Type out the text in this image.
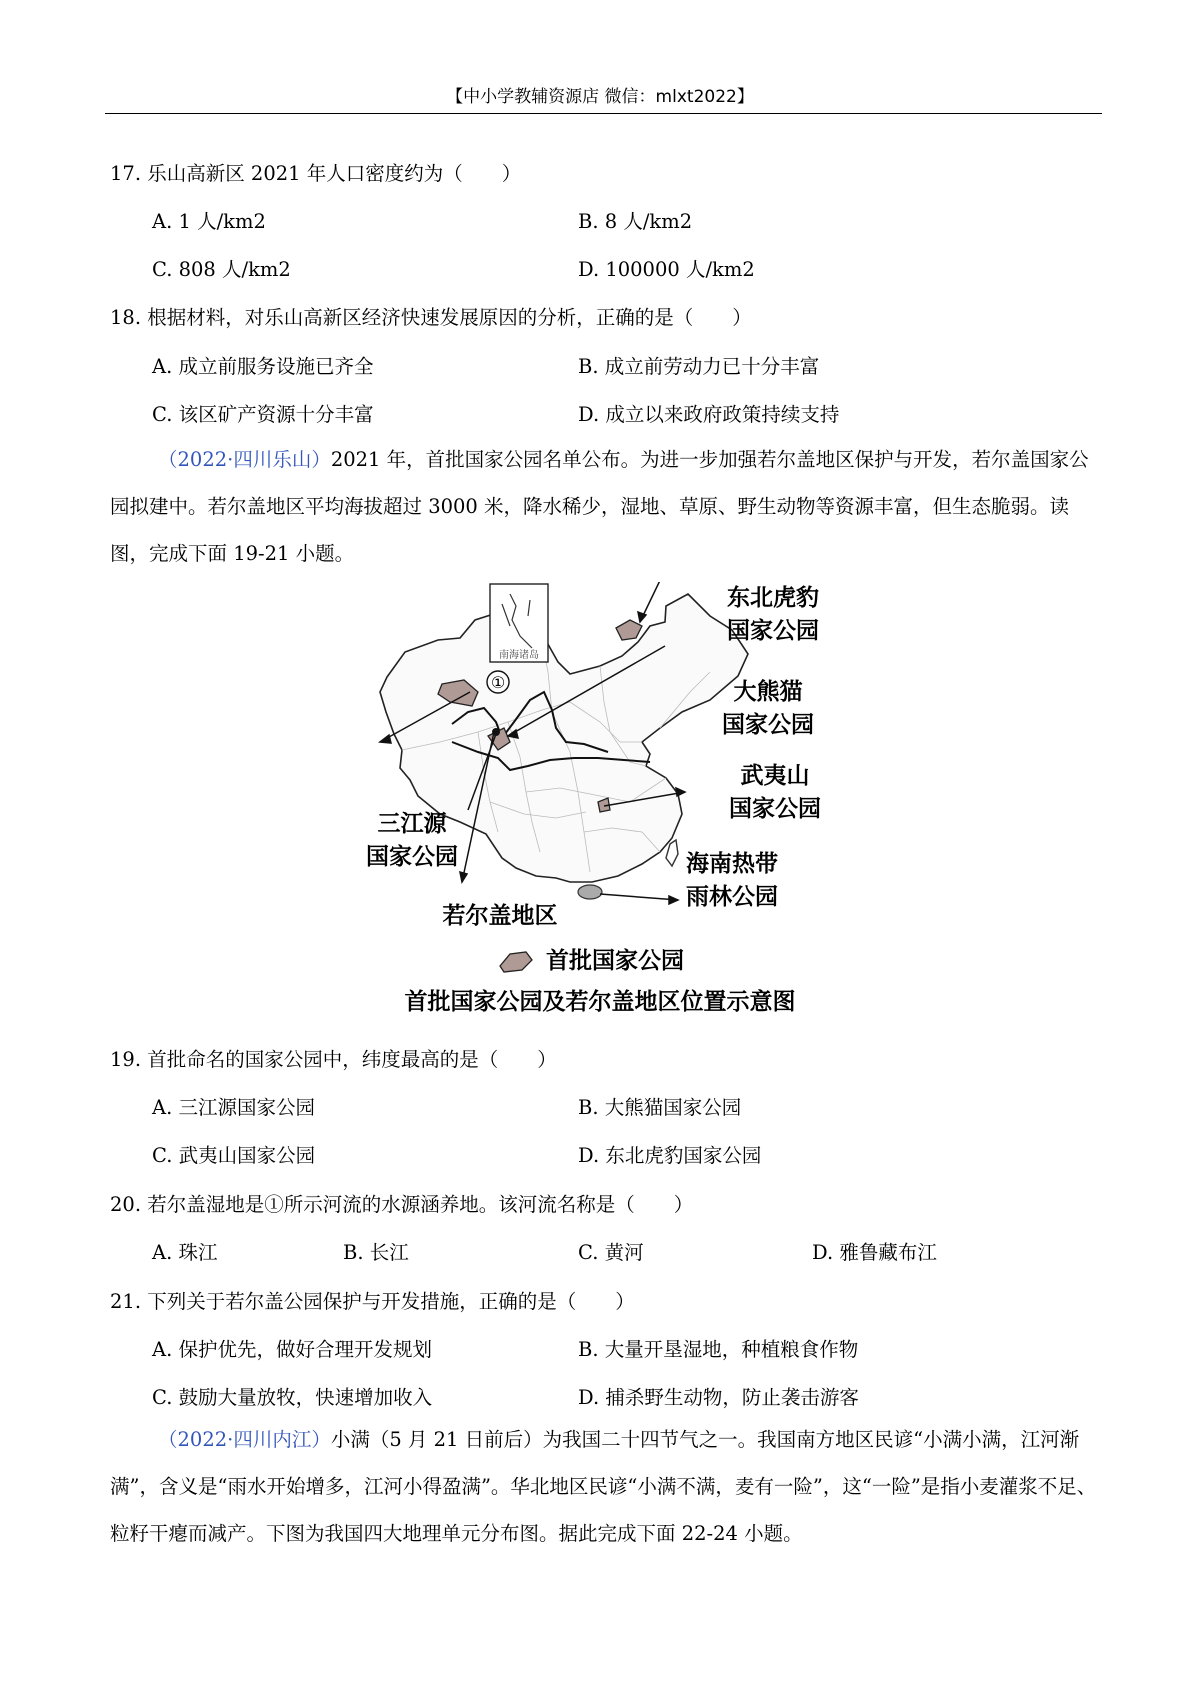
【中小学教辅资源店 微信：mlxt2022】
17. 乐山高新区 2021 年人口密度约为（　　）
A. 1 人/km2	B. 8 人/km2
C. 808 人/km2	D. 100000 人/km2
18. 根据材料，对乐山高新区经济快速发展原因的分析，正确的是（　　）
A. 成立前服务设施已齐全	B. 成立前劳动力已十分丰富
C. 该区矿产资源十分丰富	D. 成立以来政府政策持续支持
（2022·四川乐山）2021 年，首批国家公园名单公布。为进一步加强若尔盖地区保护与开发，若尔盖国家公园拟建中。若尔盖地区平均海拔超过 3000 米，降水稀少，湿地、草原、野生动物等资源丰富，但生态脆弱。读图，完成下面 19-21 小题。
南海诸岛
①
东北虎豹
国家公园
大熊猫
国家公园
武夷山
国家公园
三江源
国家公园	海南热带
雨林公园
若尔盖地区
首批国家公园
首批国家公园及若尔盖地区位置示意图
19. 首批命名的国家公园中，纬度最高的是（　　）
A. 三江源国家公园	B. 大熊猫国家公园
C. 武夷山国家公园	D. 东北虎豹国家公园
20. 若尔盖湿地是①所示河流的水源涵养地。该河流名称是（　　）
A. 珠江	B. 长江	C. 黄河	D. 雅鲁藏布江
21. 下列关于若尔盖公园保护与开发措施，正确的是（　　）
A. 保护优先，做好合理开发规划	B. 大量开垦湿地，种植粮食作物
C. 鼓励大量放牧，快速增加收入	D. 捕杀野生动物，防止袭击游客
（2022·四川内江）小满（5 月 21 日前后）为我国二十四节气之一。我国南方地区民谚“小满小满，江河渐满”，含义是“雨水开始增多，江河小得盈满”。华北地区民谚“小满不满，麦有一险”，这“一险”是指小麦灌浆不足、粒籽干瘪而减产。下图为我国四大地理单元分布图。据此完成下面 22-24 小题。
